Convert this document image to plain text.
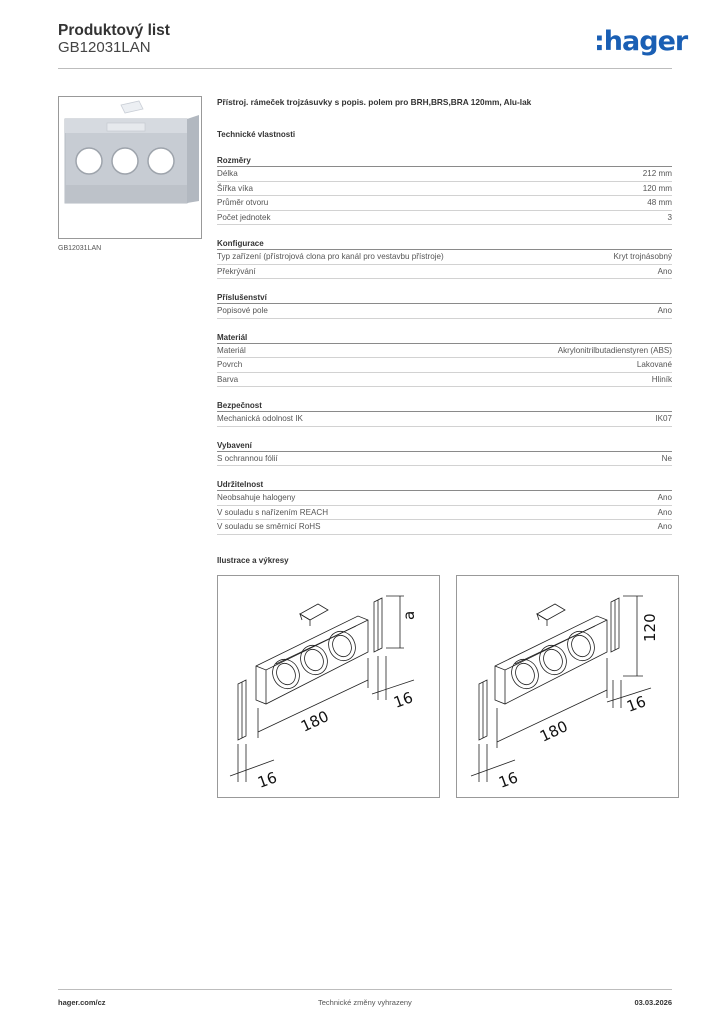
Produktový list
GB12031LAN	:hager
GB12031LAN
Přístroj. rámeček trojzásuvky s popis. polem pro BRH,BRS,BRA 120mm, Alu-lak
Technické vlastnosti
Rozměry
Délka	212 mm
Šířka víka	120 mm
Průměr otvoru	48 mm
Počet jednotek	3
Konfigurace
Typ zařízení (přístrojová clona pro kanál pro vestavbu přístroje)	Kryt trojnásobný
Překrývání	Ano
Příslušenství
Popisové pole	Ano
Materiál
Materiál	Akrylonitrilbutadienstyren (ABS)
Povrch	Lakované
Barva	Hliník
Bezpečnost
Mechanická odolnost IK	IK07
Vybavení
S ochrannou fólií	Ne
Udržitelnost
Neobsahuje halogeny	Ano
V souladu s nařízením REACH	Ano
V souladu se směrnicí RoHS	Ano
Ilustrace a výkresy
a
16
180
16
120
16
180
16
hager.com/cz	Technické změny vyhrazeny	03.03.2026
